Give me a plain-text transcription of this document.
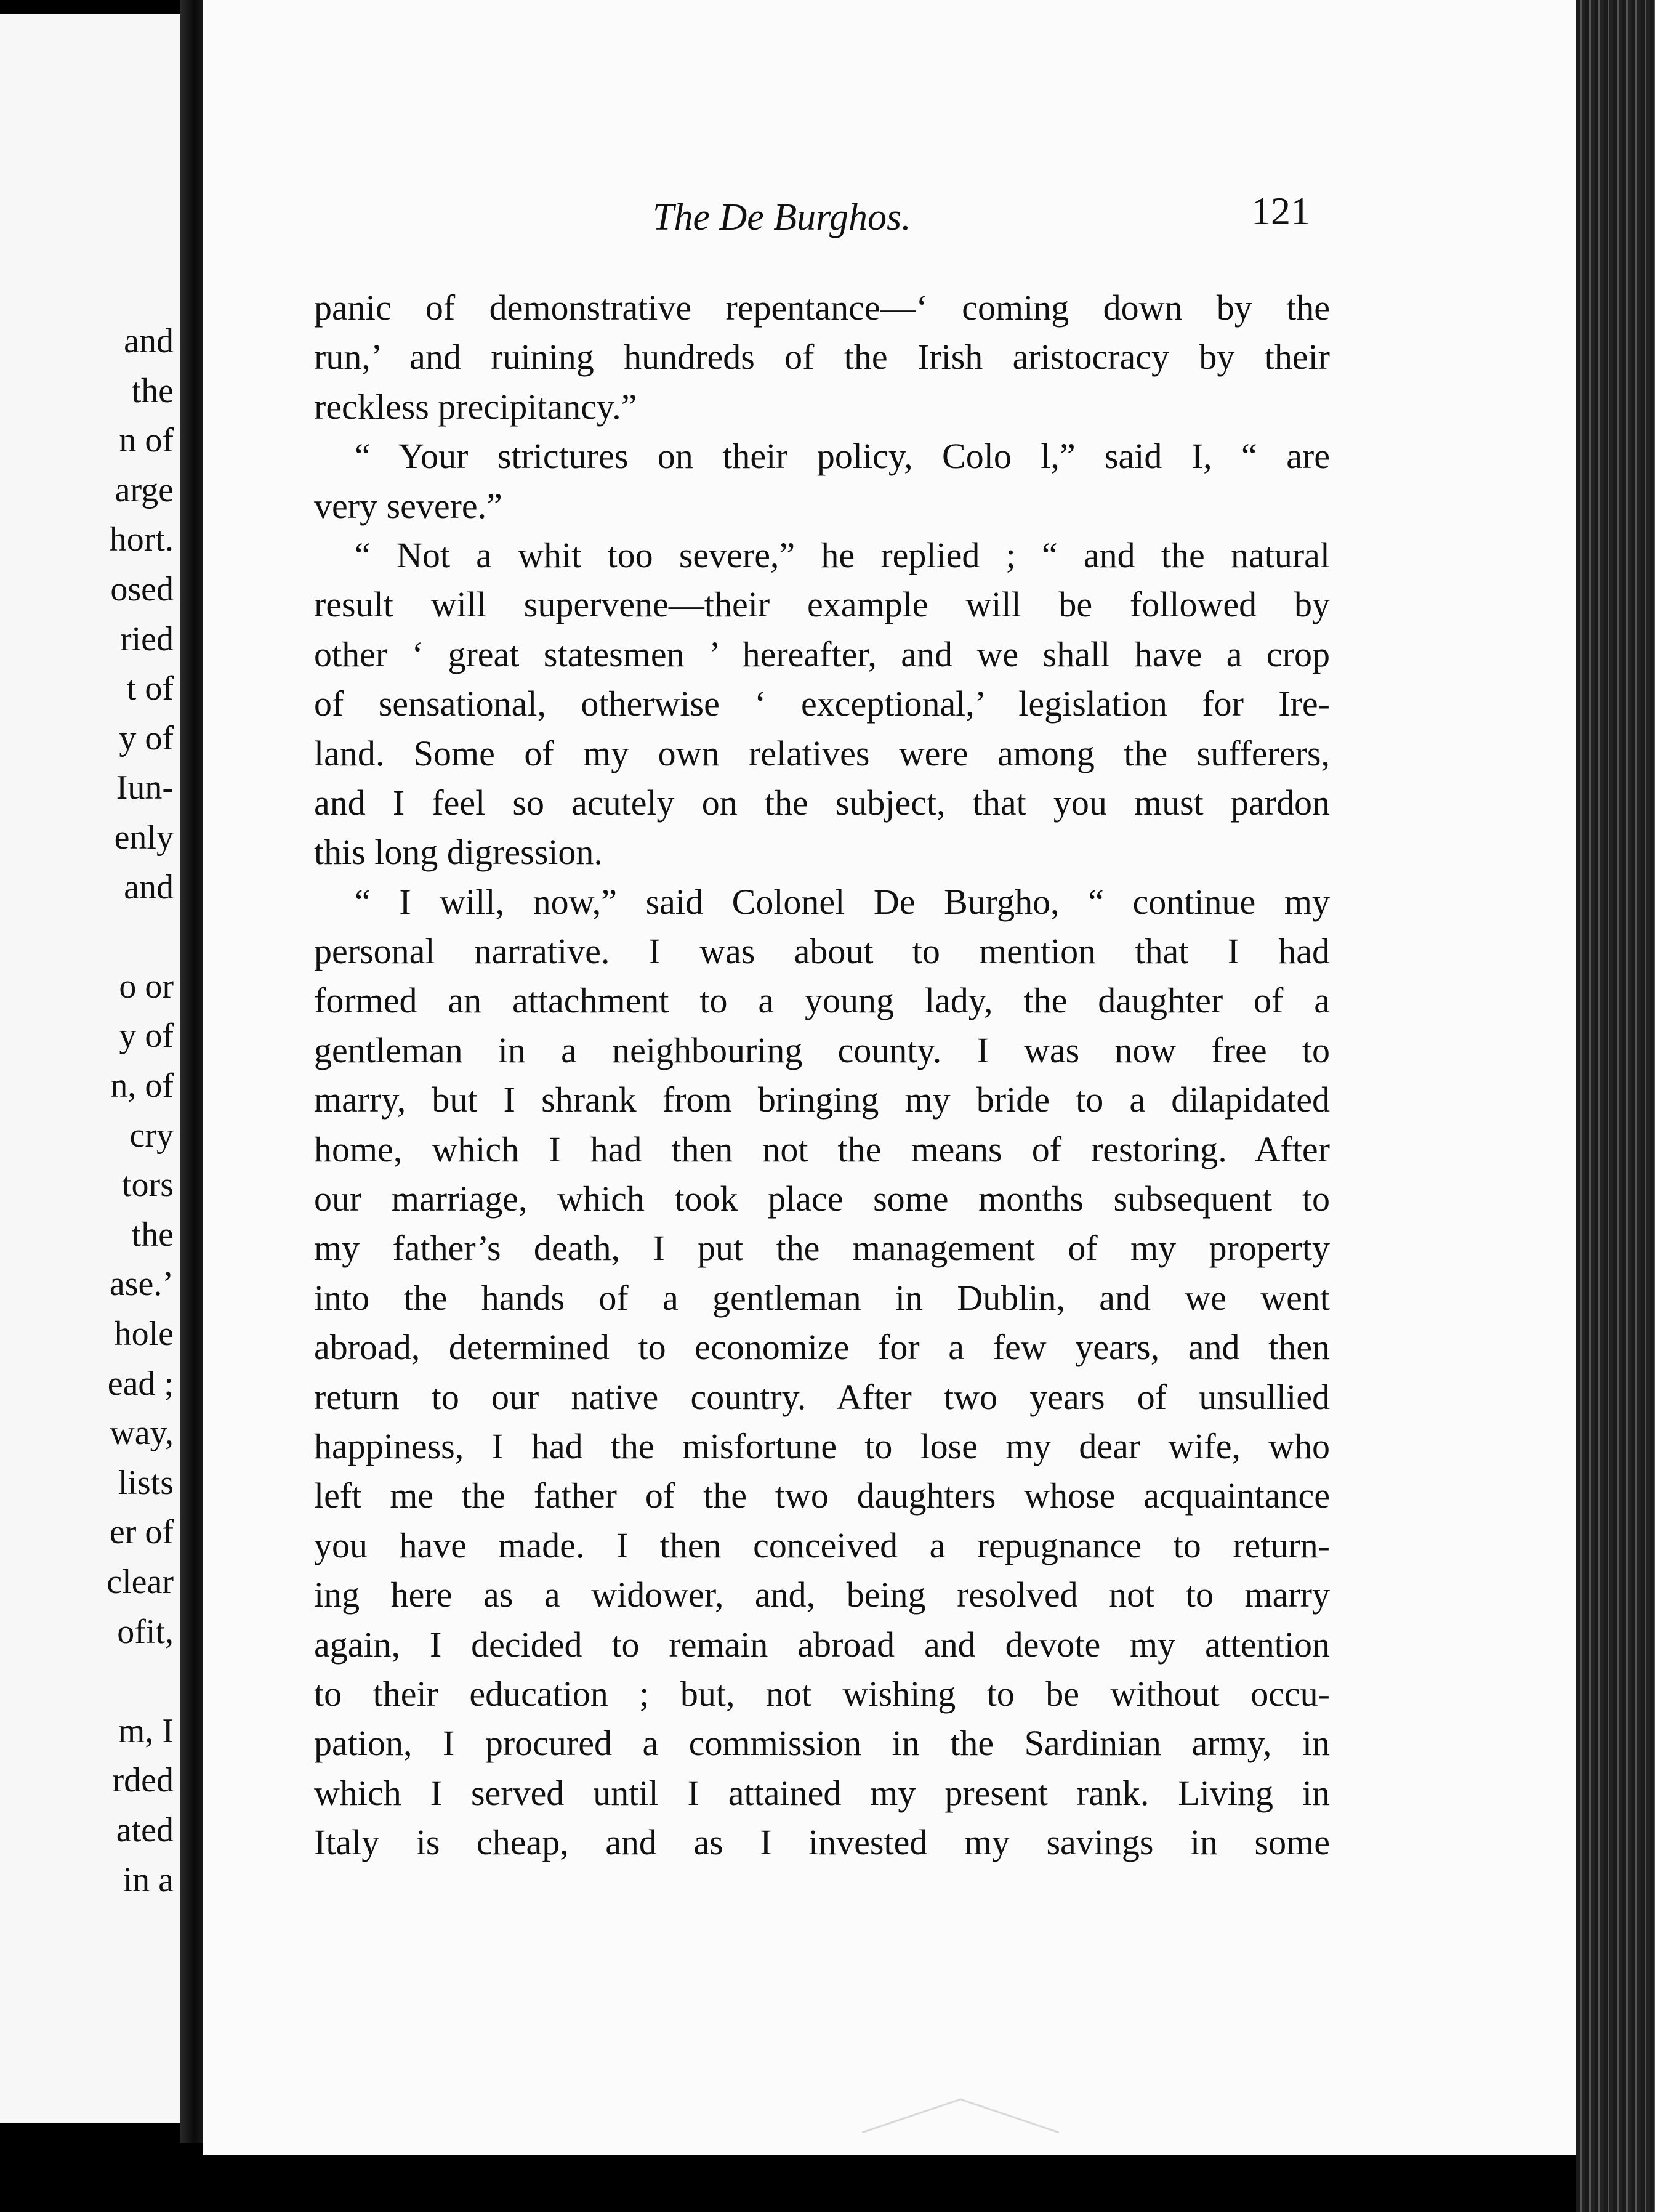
and
the
n of
arge
hort.
osed
ried
t of
y of
Iun-
enly
and
o or
y of
n, of
cry
tors
the
ase.’
hole
ead ;
way,
lists
er of
clear
ofit,
m, I
rded
ated
in a
The De Burghos.	121
panic of demonstrative repentance—‘ coming down by the
run,’ and ruining hundreds of the Irish aristocracy by their
reckless precipitancy.”
“ Your strictures on their policy, Colo l,” said I, “ are
very severe.”
“ Not a whit too severe,” he replied ; “ and the natural
result will supervene—their example will be followed by
other ‘ great statesmen ’ hereafter, and we shall have a crop
of sensational, otherwise ‘ exceptional,’ legislation for Ire-
land. Some of my own relatives were among the sufferers,
and I feel so acutely on the subject, that you must pardon
this long digression.
“ I will, now,” said Colonel De Burgho, “ continue my
personal narrative. I was about to mention that I had
formed an attachment to a young lady, the daughter of a
gentleman in a neighbouring county. I was now free to
marry, but I shrank from bringing my bride to a dilapidated
home, which I had then not the means of restoring. After
our marriage, which took place some months subsequent to
my father’s death, I put the management of my property
into the hands of a gentleman in Dublin, and we went
abroad, determined to economize for a few years, and then
return to our native country. After two years of unsullied
happiness, I had the misfortune to lose my dear wife, who
left me the father of the two daughters whose acquaintance
you have made. I then conceived a repugnance to return-
ing here as a widower, and, being resolved not to marry
again, I decided to remain abroad and devote my attention
to their education ; but, not wishing to be without occu-
pation, I procured a commission in the Sardinian army, in
which I served until I attained my present rank. Living in
Italy is cheap, and as I invested my savings in some
